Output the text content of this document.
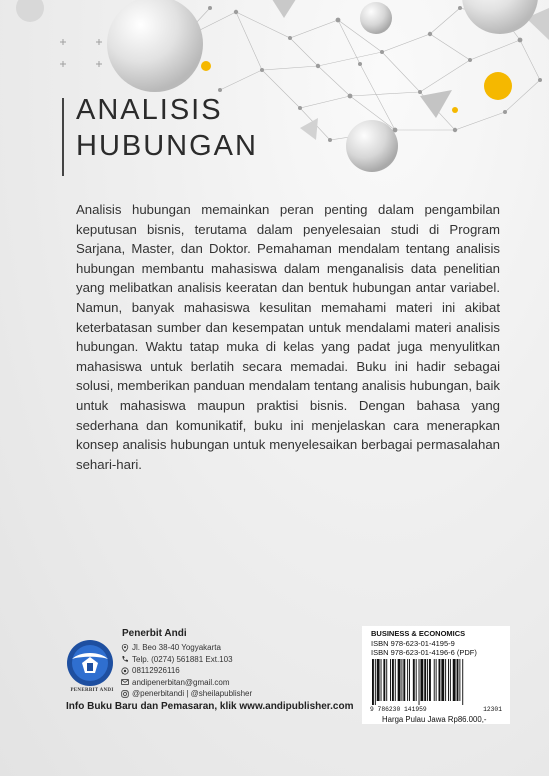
ANALISIS
HUBUNGAN
Analisis hubungan memainkan peran penting dalam pengambilan keputusan bisnis, terutama dalam penyelesaian studi di Program Sarjana, Master, dan Doktor. Pemahaman mendalam tentang analisis hubungan membantu mahasiswa dalam menganalisis data penelitian yang melibatkan analisis keeratan dan bentuk hubungan antar variabel. Namun, banyak mahasiswa kesulitan memahami materi ini akibat keterbatasan sumber dan kesempatan untuk mendalami materi analisis hubungan. Waktu tatap muka di kelas yang padat juga menyulitkan mahasiswa untuk berlatih secara memadai. Buku ini hadir sebagai solusi, memberikan panduan mendalam tentang analisis hubungan, baik untuk mahasiswa maupun praktisi bisnis. Dengan bahasa yang sederhana dan komunikatif, buku ini menjelaskan cara menerapkan konsep analisis hubungan untuk menyelesaikan berbagai permasalahan sehari-hari.
PENERBIT ANDI
Penerbit Andi
Jl. Beo 38-40 Yogyakarta
Telp. (0274) 561881 Ext.103
08112926116
andipenerbitan@gmail.com
@penerbitandi | @sheilapublisher
Info Buku Baru dan Pemasaran, klik www.andipublisher.com
BUSINESS & ECONOMICS
ISBN 978-623-01-4195-9
ISBN 978-623-01-4196-6 (PDF)
9 786230 141959	12301
Harga Pulau Jawa Rp86.000,-
